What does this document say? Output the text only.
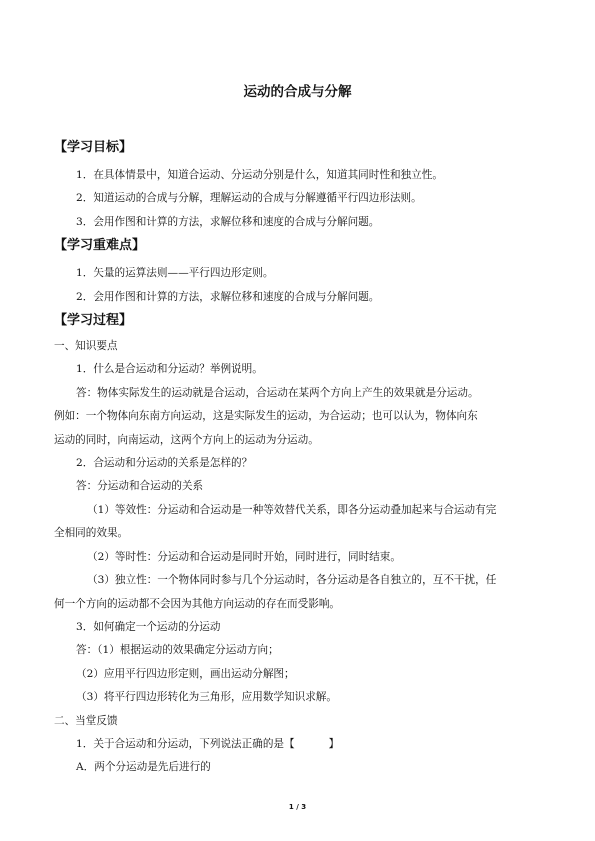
运动的合成与分解
【学习目标】
1．在具体情景中，知道合运动、分运动分别是什么，知道其同时性和独立性。
2．知道运动的合成与分解，理解运动的合成与分解遵循平行四边形法则。
3．会用作图和计算的方法，求解位移和速度的合成与分解问题。
【学习重难点】
1．矢量的运算法则——平行四边形定则。
2．会用作图和计算的方法，求解位移和速度的合成与分解问题。
【学习过程】
一、知识要点
1．什么是合运动和分运动？举例说明。
答：物体实际发生的运动就是合运动，合运动在某两个方向上产生的效果就是分运动。
例如：一个物体向东南方向运动，这是实际发生的运动，为合运动；也可以认为，物体向东
运动的同时，向南运动，这两个方向上的运动为分运动。
2．合运动和分运动的关系是怎样的？
答：分运动和合运动的关系
（1）等效性：分运动和合运动是一种等效替代关系，即各分运动叠加起来与合运动有完
全相同的效果。
（2）等时性：分运动和合运动是同时开始，同时进行，同时结束。
（3）独立性：一个物体同时参与几个分运动时，各分运动是各自独立的，互不干扰，任
何一个方向的运动都不会因为其他方向运动的存在而受影响。
3．如何确定一个运动的分运动
答：（1）根据运动的效果确定分运动方向；
（2）应用平行四边形定则，画出运动分解图；
（3）将平行四边形转化为三角形，应用数学知识求解。
二、当堂反馈
1．关于合运动和分运动，下列说法正确的是【	】
A．两个分运动是先后进行的
1 / 3
